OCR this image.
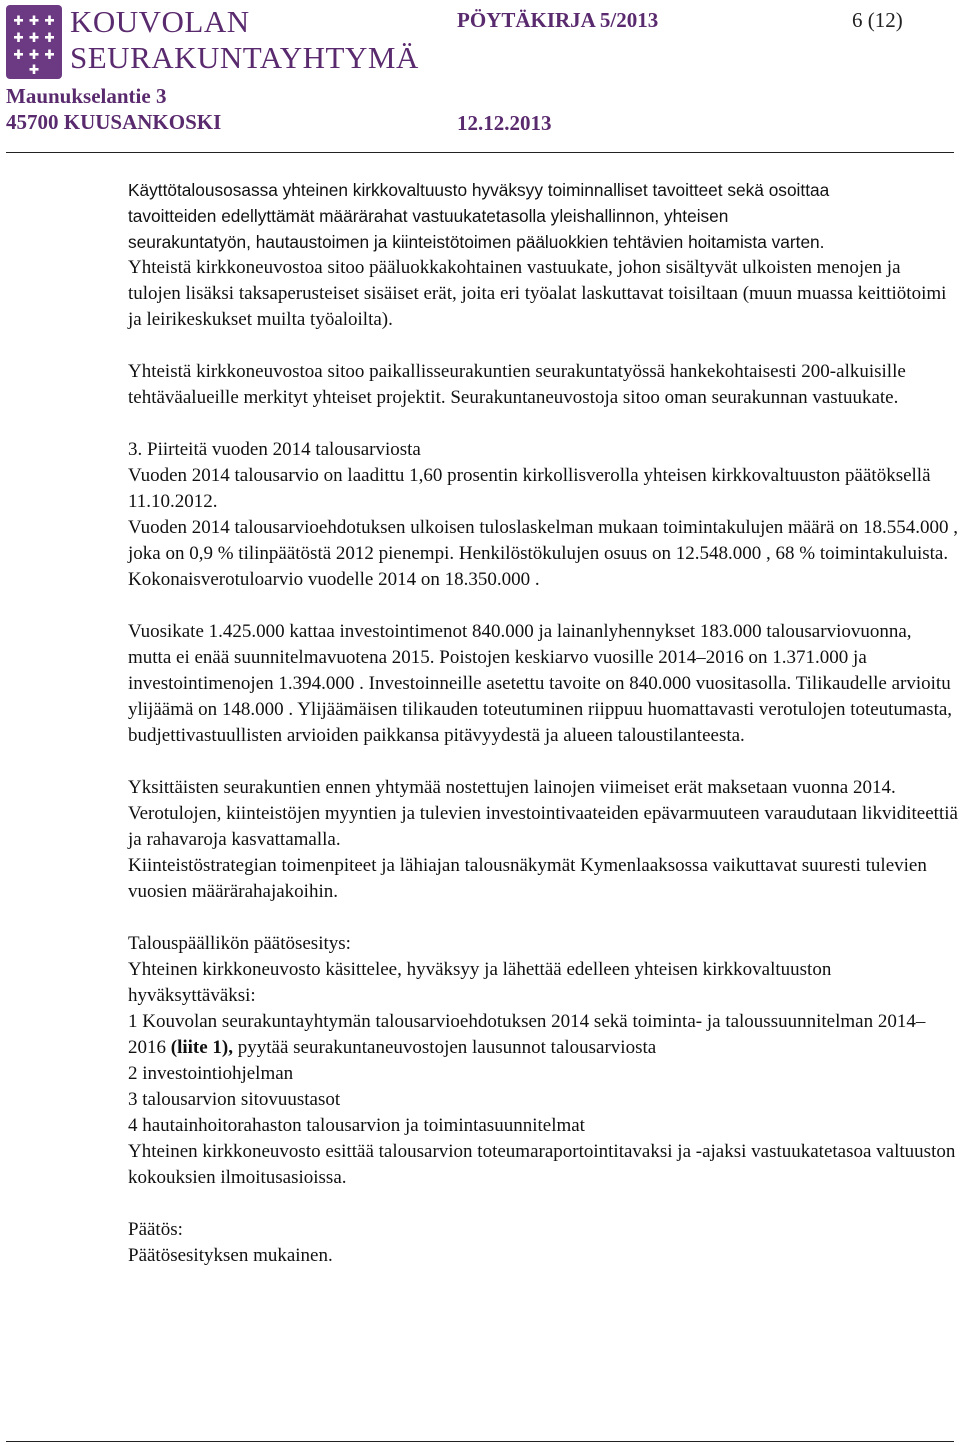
KOUVOLAN
SEURAKUNTAYHTYMÄ
Maunukselantie 3
45700 KUUSANKOSKI
PÖYTÄKIRJA 5/2013	6 (12)
12.12.2013
Käyttötalousosassa yhteinen kirkkovaltuusto hyväksyy toiminnalliset tavoitteet sekä osoittaa
tavoitteiden edellyttämät määrärahat vastuukatetasolla yleishallinnon, yhteisen
seurakuntatyön, hautaustoimen ja kiinteistötoimen pääluokkien tehtävien hoitamista varten.

Yhteistä kirkkoneuvostoa sitoo pääluokkakohtainen vastuukate, johon sisältyvät ulkoisten menojen ja tulojen lisäksi taksaperusteiset sisäiset erät, joita eri työalat laskuttavat toisiltaan (muun muassa keittiötoimi ja leirikeskukset muilta työaloilta).

Yhteistä kirkkoneuvostoa sitoo paikallisseurakuntien seurakuntatyössä hankekohtaisesti 200-alkuisille tehtäväalueille merkityt yhteiset projektit. Seurakuntaneuvostoja sitoo oman seurakunnan vastuukate.

3. Piirteitä vuoden 2014 talousarviosta

Vuoden 2014 talousarvio on laadittu 1,60 prosentin kirkollisverolla yhteisen kirkkovaltuuston päätöksellä 11.10.2012.

Vuoden 2014 talousarvioehdotuksen ulkoisen tuloslaskelman mukaan toimintakulujen määrä on 18.554.000 , joka on 0,9 % tilinpäätöstä 2012 pienempi. Henkilöstökulujen osuus on 12.548.000 , 68 % toimintakuluista. Kokonaisverotuloarvio vuodelle 2014 on 18.350.000 .

Vuosikate 1.425.000 kattaa investointimenot 840.000 ja lainanlyhennykset 183.000 talousarviovuonna, mutta ei enää suunnitelmavuotena 2015. Poistojen keskiarvo vuosille 2014–2016 on 1.371.000 ja investointimenojen 1.394.000 . Investoinneille asetettu tavoite on 840.000 vuositasolla. Tilikaudelle arvioitu ylijäämä on 148.000 . Ylijäämäisen tilikauden toteutuminen riippuu huomattavasti verotulojen toteutumasta, budjettivastuullisten arvioiden paikkansa pitävyydestä ja alueen taloustilanteesta.

Yksittäisten seurakuntien ennen yhtymää nostettujen lainojen viimeiset erät maksetaan vuonna 2014. Verotulojen, kiinteistöjen myyntien ja tulevien investointivaateiden epävarmuuteen varaudutaan likviditeettiä ja rahavaroja kasvattamalla.

Kiinteistöstrategian toimenpiteet ja lähiajan talousnäkymät Kymenlaaksossa vaikuttavat suuresti tulevien vuosien määrärahajakoihin.

Talouspäällikön päätösesitys:

Yhteinen kirkkoneuvosto käsittelee, hyväksyy ja lähettää edelleen yhteisen kirkkovaltuuston hyväksyttäväksi:

1 Kouvolan seurakuntayhtymän talousarvioehdotuksen 2014 sekä toiminta- ja taloussuunnitelman 2014–2016 (liite 1), pyytää seurakuntaneuvostojen lausunnot talousarviosta

2 investointiohjelman

3 talousarvion sitovuustasot

4 hautainhoitorahaston talousarvion ja toimintasuunnitelmat

Yhteinen kirkkoneuvosto esittää talousarvion toteumaraportointitavaksi ja -ajaksi vastuukatetasoa valtuuston kokouksien ilmoitusasioissa.

Päätös:

Päätösesityksen mukainen.
